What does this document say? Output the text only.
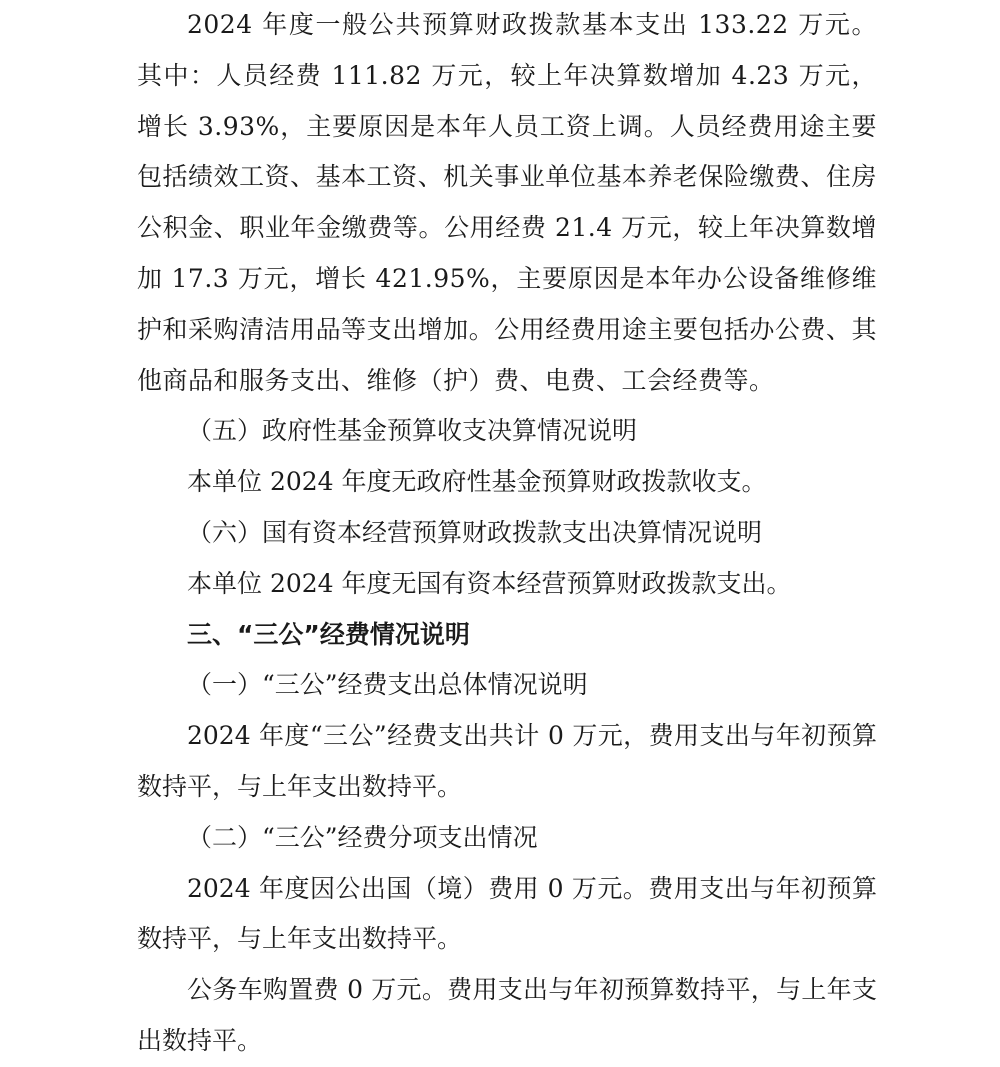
2024 年度一般公共预算财政拨款基本支出 133.22 万元。其中：人员经费 111.82 万元，较上年决算数增加 4.23 万元，增长 3.93%，主要原因是本年人员工资上调。人员经费用途主要包括绩效工资、基本工资、机关事业单位基本养老保险缴费、住房公积金、职业年金缴费等。公用经费 21.4 万元，较上年决算数增加 17.3 万元，增长 421.95%，主要原因是本年办公设备维修维护和采购清洁用品等支出增加。公用经费用途主要包括办公费、其他商品和服务支出、维修（护）费、电费、工会经费等。

（五）政府性基金预算收支决算情况说明

本单位 2024 年度无政府性基金预算财政拨款收支。

（六）国有资本经营预算财政拨款支出决算情况说明

本单位 2024 年度无国有资本经营预算财政拨款支出。

三、“三公”经费情况说明

（一）“三公”经费支出总体情况说明

2024 年度“三公”经费支出共计 0 万元，费用支出与年初预算数持平，与上年支出数持平。

（二）“三公”经费分项支出情况

2024 年度因公出国（境）费用 0 万元。费用支出与年初预算数持平，与上年支出数持平。

公务车购置费 0 万元。费用支出与年初预算数持平，与上年支出数持平。
